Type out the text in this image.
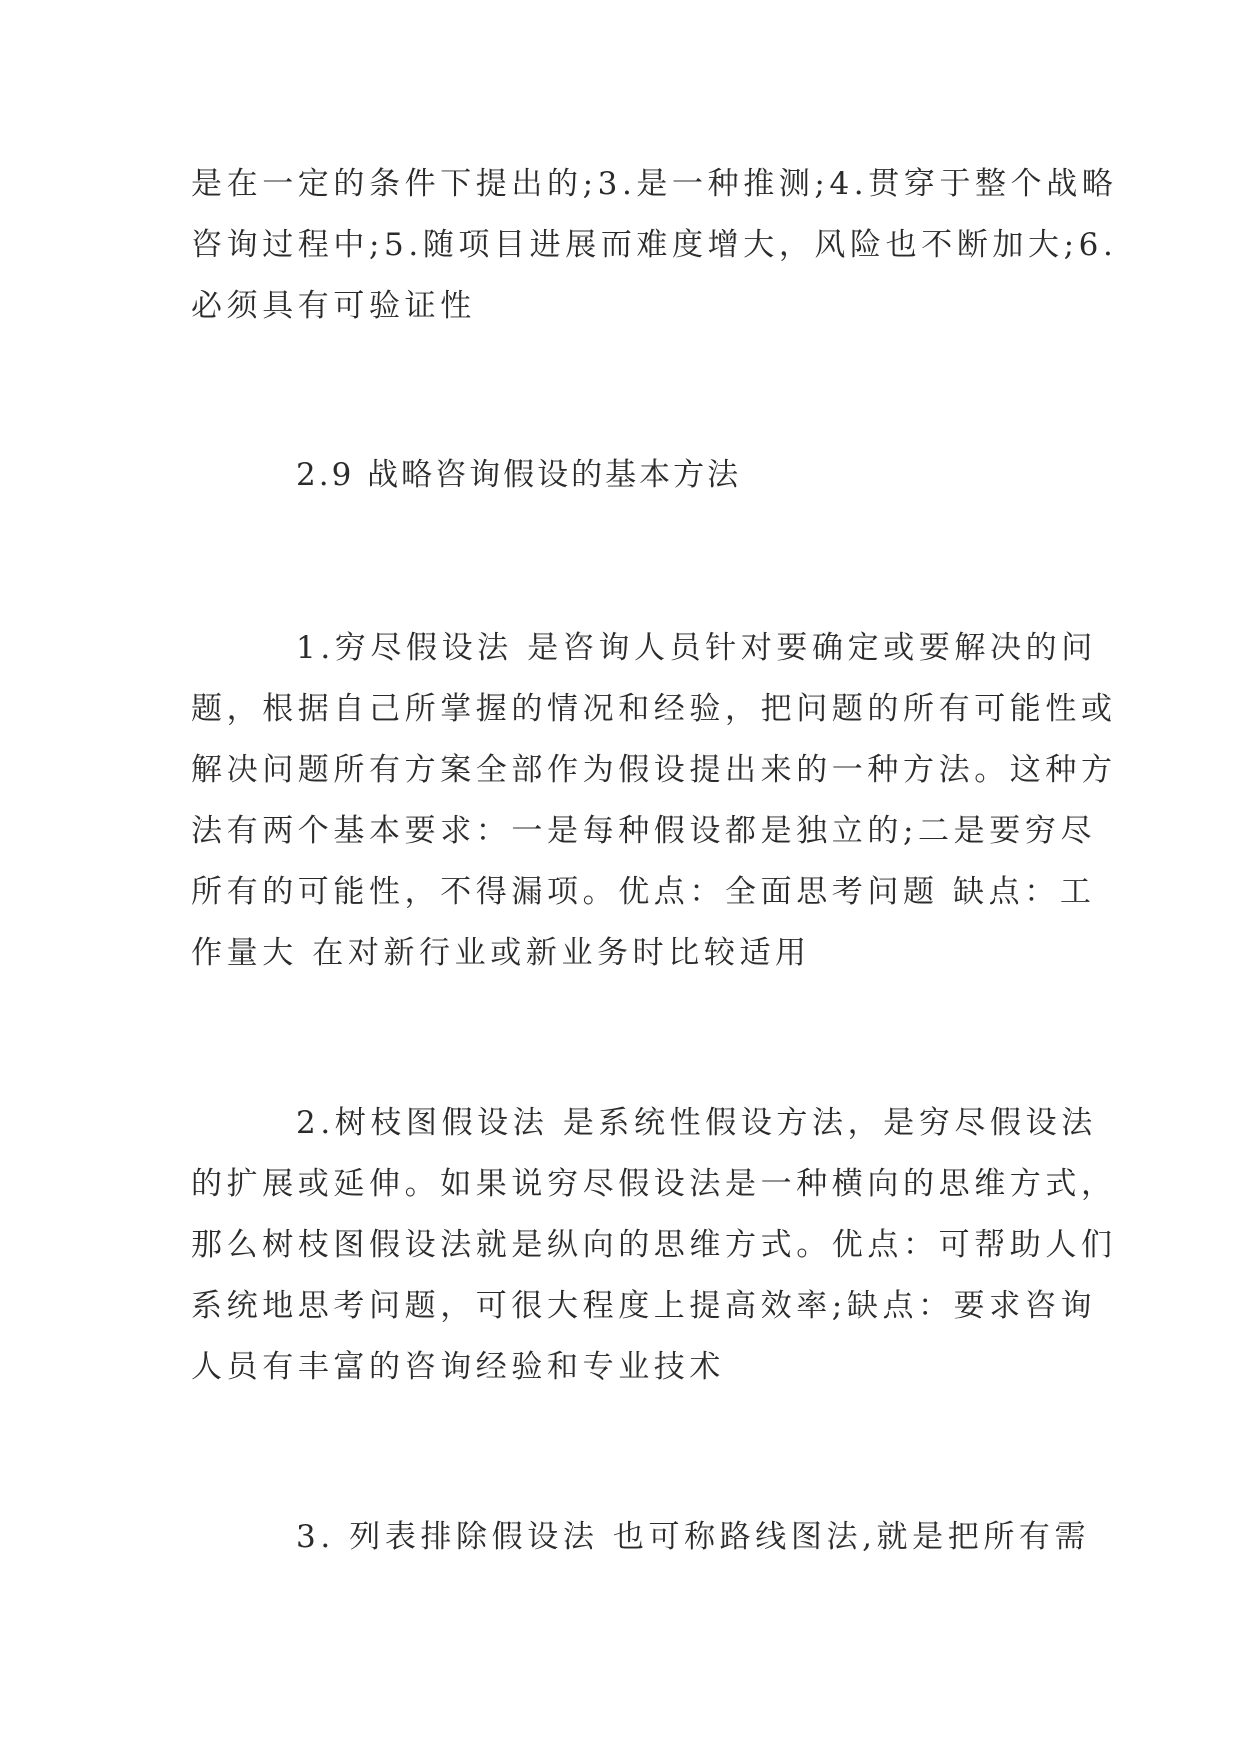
是在一定的条件下提出的;3.是一种推测;4.贯穿于整个战略
咨询过程中;5.随项目进展而难度增大，风险也不断加大;6.
必须具有可验证性
2.9 战略咨询假设的基本方法
1.穷尽假设法 是咨询人员针对要确定或要解决的问
题，根据自己所掌握的情况和经验，把问题的所有可能性或
解决问题所有方案全部作为假设提出来的一种方法。这种方
法有两个基本要求：一是每种假设都是独立的;二是要穷尽
所有的可能性，不得漏项。优点：全面思考问题 缺点：工
作量大 在对新行业或新业务时比较适用
2.树枝图假设法 是系统性假设方法，是穷尽假设法
的扩展或延伸。如果说穷尽假设法是一种横向的思维方式，
那么树枝图假设法就是纵向的思维方式。优点：可帮助人们
系统地思考问题，可很大程度上提高效率;缺点：要求咨询
人员有丰富的咨询经验和专业技术
3. 列表排除假设法 也可称路线图法,就是把所有需
